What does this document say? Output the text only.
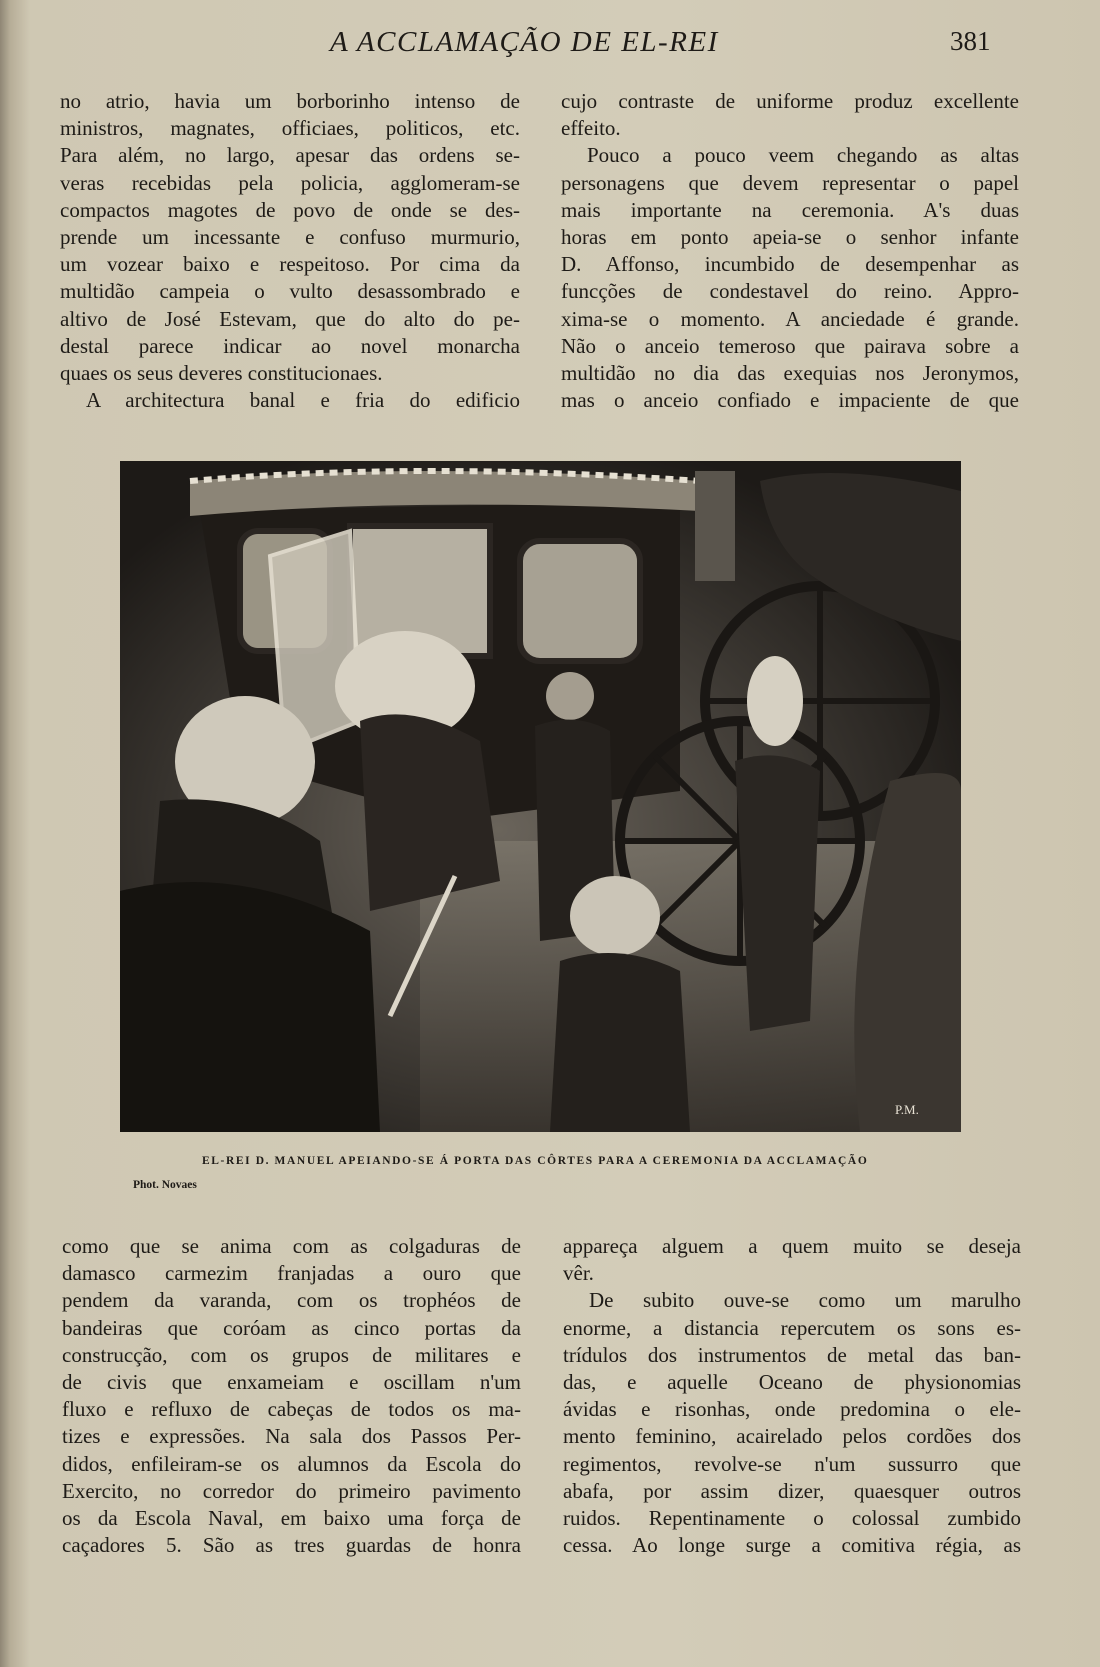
A ACCLAMAÇÃO DE EL-REI	381
no atrio, havia um borborinho intenso de
ministros, magnates, officiaes, politicos, etc.
Para além, no largo, apesar das ordens se-
veras recebidas pela policia, agglomeram-se
compactos magotes de povo de onde se des-
prende um incessante e confuso murmurio,
um vozear baixo e respeitoso. Por cima da
multidão campeia o vulto desassombrado e
altivo de José Estevam, que do alto do pe-
destal parece indicar ao novel monarcha
quaes os seus deveres constitucionaes.
A architectura banal e fria do edificio
cujo contraste de uniforme produz excellente
effeito.
Pouco a pouco veem chegando as altas
personagens que devem representar o papel
mais importante na ceremonia. A's duas
horas em ponto apeia-se o senhor infante
D. Affonso, incumbido de desempenhar as
funcções de condestavel do reino. Appro-
xima-se o momento. A anciedade é grande.
Não o anceio temeroso que pairava sobre a
multidão no dia das exequias nos Jeronymos,
mas o anceio confiado e impaciente de que
P.M.
EL-REI D. MANUEL APEIANDO-SE Á PORTA DAS CÔRTES PARA A CEREMONIA DA ACCLAMAÇÃO
Phot. Novaes
como que se anima com as colgaduras de
damasco carmezim franjadas a ouro que
pendem da varanda, com os trophéos de
bandeiras que coróam as cinco portas da
construcção, com os grupos de militares e
de civis que enxameiam e oscillam n'um
fluxo e refluxo de cabeças de todos os ma-
tizes e expressões. Na sala dos Passos Per-
didos, enfileiram-se os alumnos da Escola do
Exercito, no corredor do primeiro pavimento
os da Escola Naval, em baixo uma força de
caçadores 5. São as tres guardas de honra
appareça alguem a quem muito se deseja
vêr.
De subito ouve-se como um marulho
enorme, a distancia repercutem os sons es-
trídulos dos instrumentos de metal das ban-
das, e aquelle Oceano de physionomias
ávidas e risonhas, onde predomina o ele-
mento feminino, acairelado pelos cordões dos
regimentos, revolve-se n'um sussurro que
abafa, por assim dizer, quaesquer outros
ruidos. Repentinamente o colossal zumbido
cessa. Ao longe surge a comitiva régia, as
